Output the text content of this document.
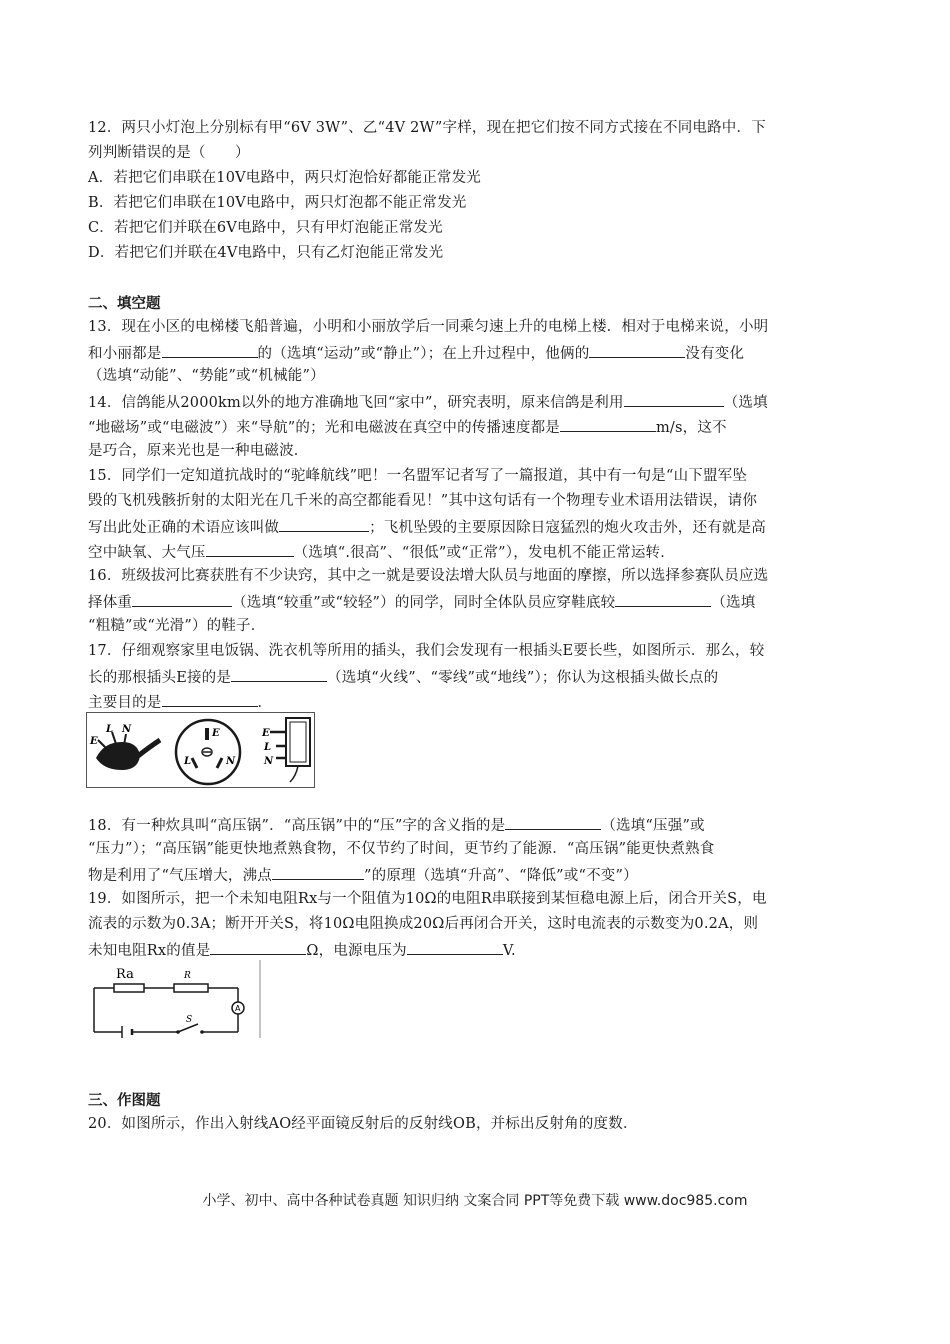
12．两只小灯泡上分别标有甲“6V 3W”、乙“4V 2W”字样，现在把它们按不同方式接在不同电路中．下
列判断错误的是（　　）
A．若把它们串联在10V电路中，两只灯泡恰好都能正常发光
B．若把它们串联在10V电路中，两只灯泡都不能正常发光
C．若把它们并联在6V电路中，只有甲灯泡能正常发光
D．若把它们并联在4V电路中，只有乙灯泡能正常发光
二、填空题
13．现在小区的电梯楼飞船普遍，小明和小丽放学后一同乘匀速上升的电梯上楼．相对于电梯来说，小明
和小丽都是	的（选填“运动”或“静止”）；在上升过程中，他俩的	没有变化
（选填“动能”、“势能”或“机械能”）
14．信鸽能从2000km以外的地方准确地飞回“家中”，研究表明，原来信鸽是利用	（选填
“地磁场”或“电磁波”）来“导航”的；光和电磁波在真空中的传播速度都是	m/s，这不
是巧合，原来光也是一种电磁波．
15．同学们一定知道抗战时的“驼峰航线”吧！一名盟军记者写了一篇报道，其中有一句是“山下盟军坠
毁的飞机残骸折射的太阳光在几千米的高空都能看见！”其中这句话有一个物理专业术语用法错误，请你
写出此处正确的术语应该叫做	；飞机坠毁的主要原因除日寇猛烈的炮火攻击外，还有就是高
空中缺氧、大气压	（选填“.很高”、“很低”或“正常”），发电机不能正常运转．
16．班级拔河比赛获胜有不少诀窍，其中之一就是要设法增大队员与地面的摩擦，所以选择参赛队员应选
择体重	（选填“较重”或“较轻”）的同学，同时全体队员应穿鞋底较	（选填
“粗糙”或“光滑”）的鞋子．
17．仔细观察家里电饭锅、洗衣机等所用的插头，我们会发现有一根插头E要长些，如图所示．那么，较
长的那根插头E接的是	（选填“火线”、“零线”或“地线”）；你认为这根插头做长点的
主要目的是	．
E
L N	E
L	N
E
L
N
18．有一种炊具叫“高压锅”．“高压锅”中的“压”字的含义指的是	（选填“压强”或
“压力”）；“高压锅”能更快地煮熟食物，不仅节约了时间，更节约了能源．“高压锅”能更快煮熟食
物是利用了“气压增大，沸点	”的原理（选填“升高”、“降低”或“不变”）
19．如图所示，把一个未知电阻Rx与一个阻值为10Ω的电阻R串联接到某恒稳电源上后，闭合开关S，电
流表的示数为0.3A；断开开关S，将10Ω电阻换成20Ω后再闭合开关，这时电流表的示数变为0.2A，则
未知电阻Rx的值是	Ω，电源电压为	V.
Ra	R
A
S
三、作图题
20．如图所示，作出入射线AO经平面镜反射后的反射线OB，并标出反射角的度数．
小学、初中、高中各种试卷真题 知识归纳 文案合同 PPT等免费下载 www.doc985.com
